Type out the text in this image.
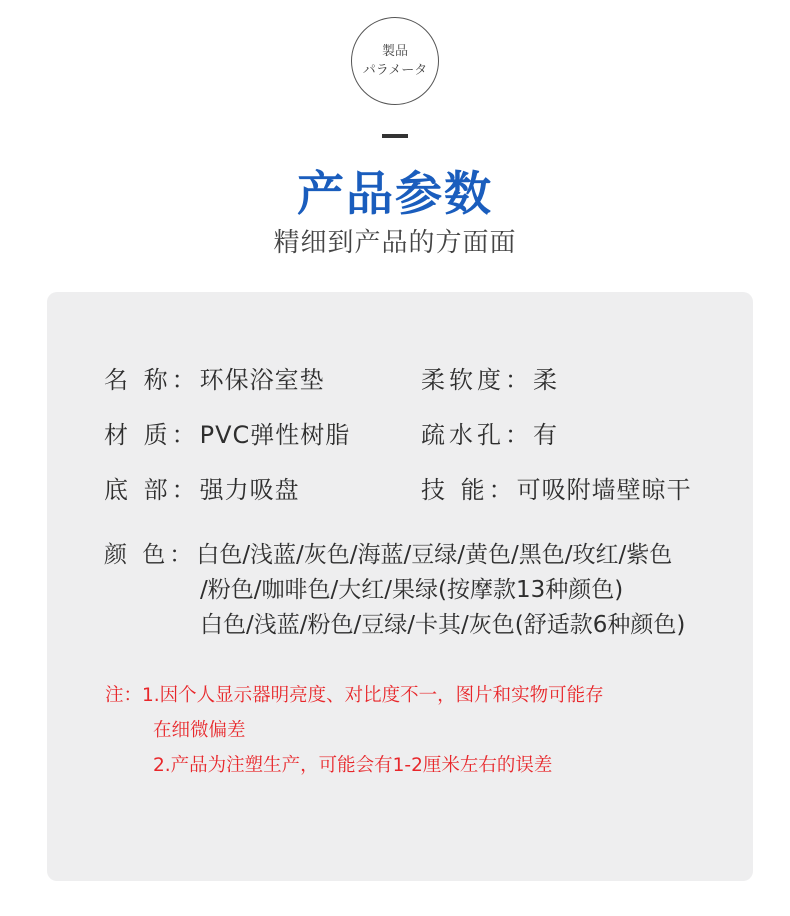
製品
パラメータ
产品参数
精细到产品的方面面
名 称：环保浴室垫	柔软度：柔
材 质：PVC弹性树脂	疏水孔：有
底 部：强力吸盘	技 能：可吸附墙壁晾干
颜 色：白色/浅蓝/灰色/海蓝/豆绿/黄色/黑色/玫红/紫色
/粉色/咖啡色/大红/果绿(按摩款13种颜色)
白色/浅蓝/粉色/豆绿/卡其/灰色(舒适款6种颜色)
注：1.因个人显示器明亮度、对比度不一，图片和实物可能存
在细微偏差
2.产品为注塑生产，可能会有1-2厘米左右的误差
